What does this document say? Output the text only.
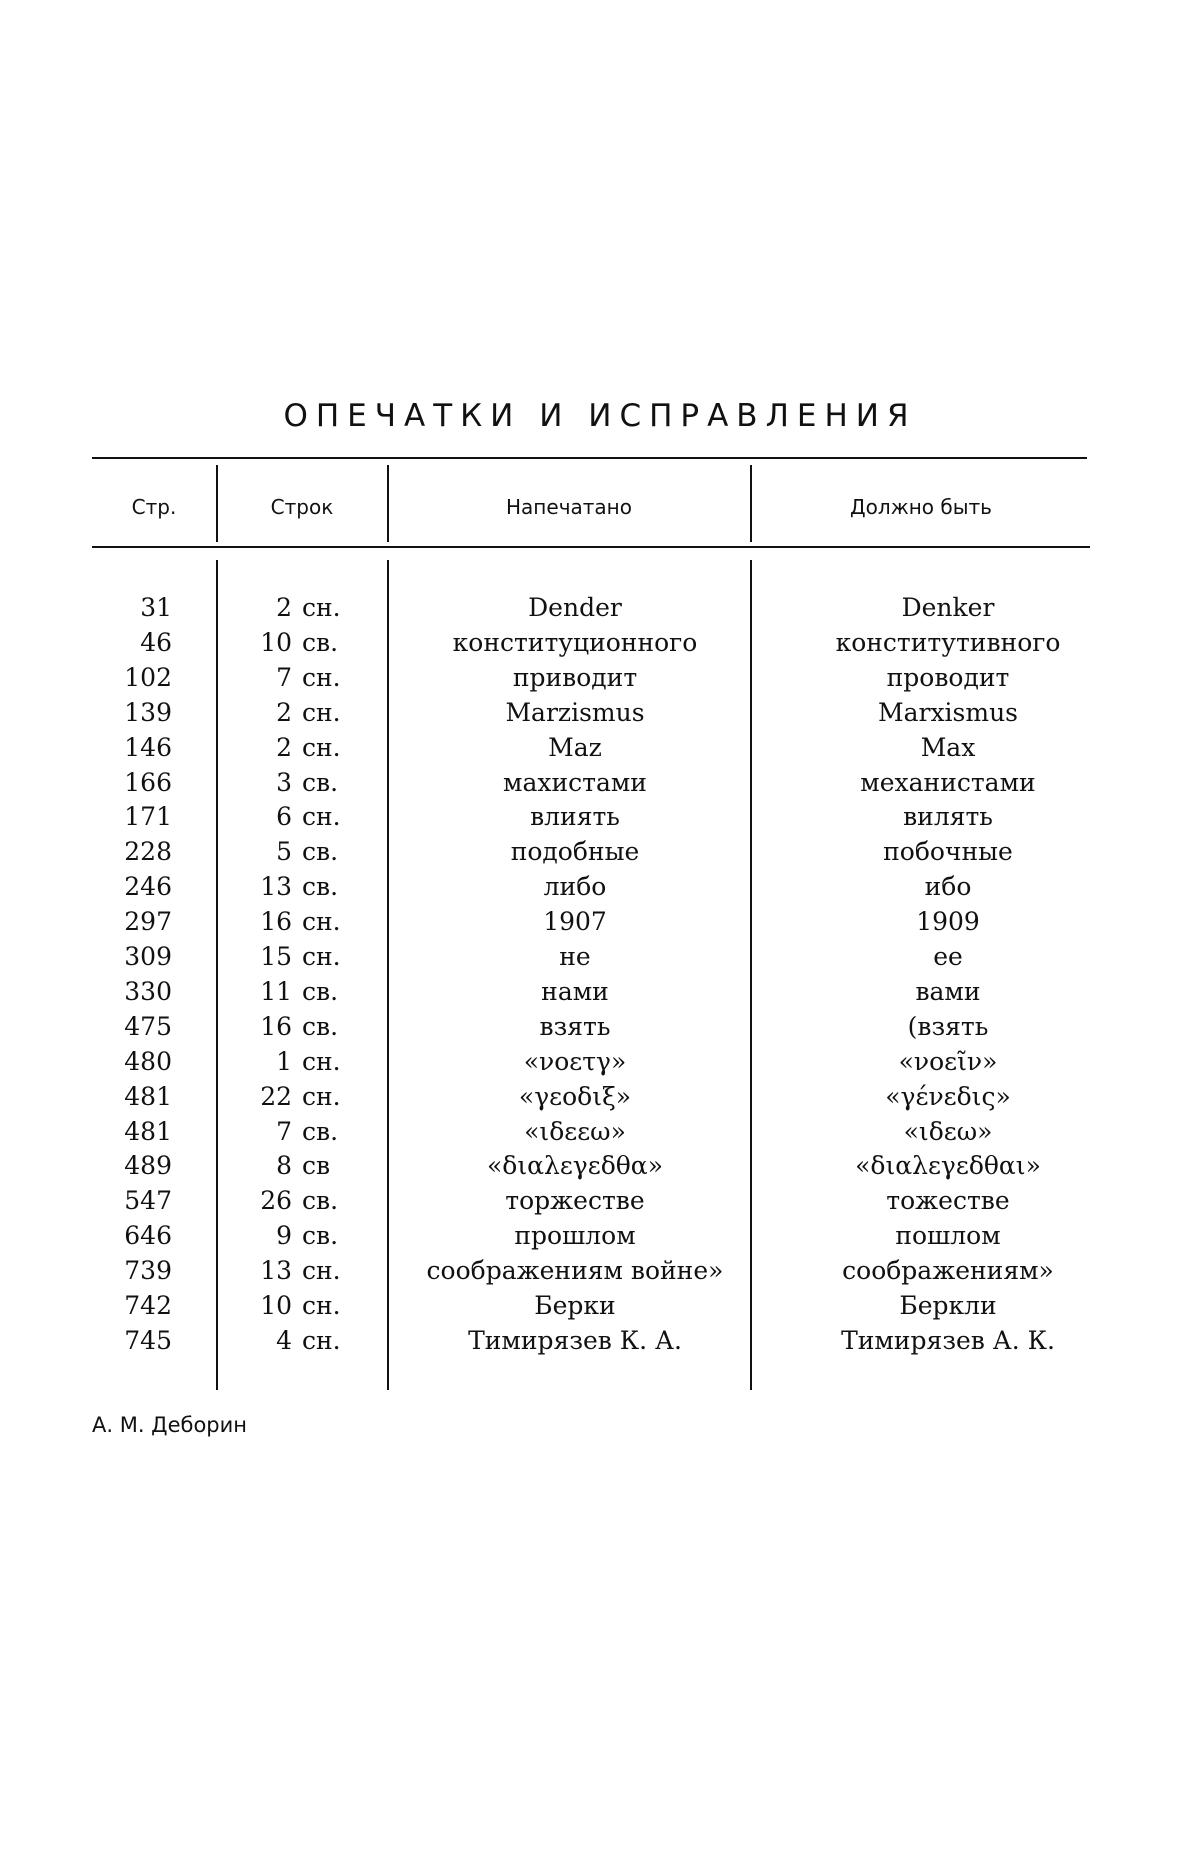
ОПЕЧАТКИ И ИСПРАВЛЕНИЯ
Стр.	Строк	Напечатано	Должно быть
31	2 сн.	Dender	Denker
46	10 св.	конституционного	конститутивного
102	7 сн.	приводит	проводит
139	2 сн.	Marzismus	Marxismus
146	2 сн.	Maz	Max
166	3 св.	махистами	механистами
171	6 сн.	влиять	вилять
228	5 св.	подобные	побочные
246	13 св.	либо	ибо
297	16 сн.	1907	1909
309	15 сн.	не	ее
330	11 св.	нами	вами
475	16 св.	взять	(взять
480	1 сн.	«νοετγ»	«νοεῖν»
481	22 сн.	«γεοδιξ»	«γένεδις»
481	7 св.	«ιδεεω»	«ιδεω»
489	8 св	«διαλεγεδθα»	«διαλεγεδθαι»
547	26 св.	торжестве	тожестве
646	9 св.	прошлом	пошлом
739	13 сн.	соображениям войне»	соображениям»
742	10 сн.	Берки	Беркли
745	4 сн.	Тимирязев К. А.	Тимирязев А. К.
А. М. Деборин
